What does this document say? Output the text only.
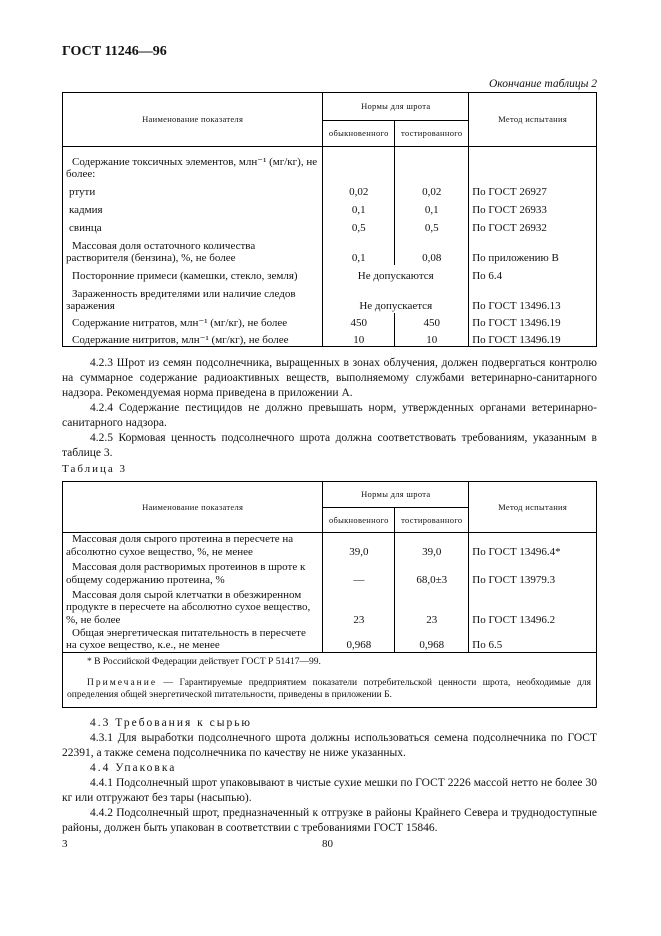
ГОСТ 11246—96
Окончание таблицы 2
Наименование показателя	Нормы для шрота		Метод испытания
	обыкновенного	тостированного	
Содержание токсичных элементов, млн⁻¹ (мг/кг), не более:			
ртути	0,02	0,02	По ГОСТ 26927
кадмия	0,1	0,1	По ГОСТ 26933
свинца	0,5	0,5	По ГОСТ 26932
Массовая доля остаточного количества растворителя (бензина), %, не более	0,1	0,08	По приложению В
Посторонние примеси (камешки, стекло, земля)	Не допускаются		По 6.4
Зараженность вредителями или наличие следов заражения	Не допускается		По ГОСТ 13496.13
Содержание нитратов, млн⁻¹ (мг/кг), не более	450	450	По ГОСТ 13496.19
Содержание нитритов, млн⁻¹ (мг/кг), не более	10	10	По ГОСТ 13496.19
4.2.3 Шрот из семян подсолнечника, выращенных в зонах облучения, должен подвергаться контролю на суммарное содержание радиоактивных веществ, выполняемому службами ветеринарно-санитарного надзора. Рекомендуемая норма приведена в приложении А.
4.2.4 Содержание пестицидов не должно превышать норм, утвержденных органами ветеринарно-санитарного надзора.
4.2.5 Кормовая ценность подсолнечного шрота должна соответствовать требованиям, указанным в таблице 3.
Таблица 3
Наименование показателя	Нормы для шрота		Метод испытания
	обыкновенного	тостированного	
Массовая доля сырого протеина в пересчете на абсолютно сухое вещество, %, не менее	39,0	39,0	По ГОСТ 13496.4*
Массовая доля растворимых протеинов в шроте к общему содержанию протеина, %	—	68,0±3	По ГОСТ 13979.3
Массовая доля сырой клетчатки в обезжиренном продукте в пересчете на абсолютно сухое вещество, %, не более	23	23	По ГОСТ 13496.2
Общая энергетическая питательность в пересчете на сухое вещество, к.е., не менее	0,968	0,968	По 6.5
* В Российской Федерации действует ГОСТ Р 51417—99.
Примечание — Гарантируемые предприятием показатели потребительской ценности шрота, необходимые для определения общей энергетической питательности, приведены в приложении Б.
4.3 Требования к сырью
4.3.1 Для выработки подсолнечного шрота должны использоваться семена подсолнечника по ГОСТ 22391, а также семена подсолнечника по качеству не ниже указанных.
4.4 Упаковка
4.4.1 Подсолнечный шрот упаковывают в чистые сухие мешки по ГОСТ 2226 массой нетто не более 30 кг или отгружают без тары (насыпью).
4.4.2 Подсолнечный шрот, предназначенный к отгрузке в районы Крайнего Севера и труднодоступные районы, должен быть упакован в соответствии с требованиями ГОСТ 15846.
3	80
